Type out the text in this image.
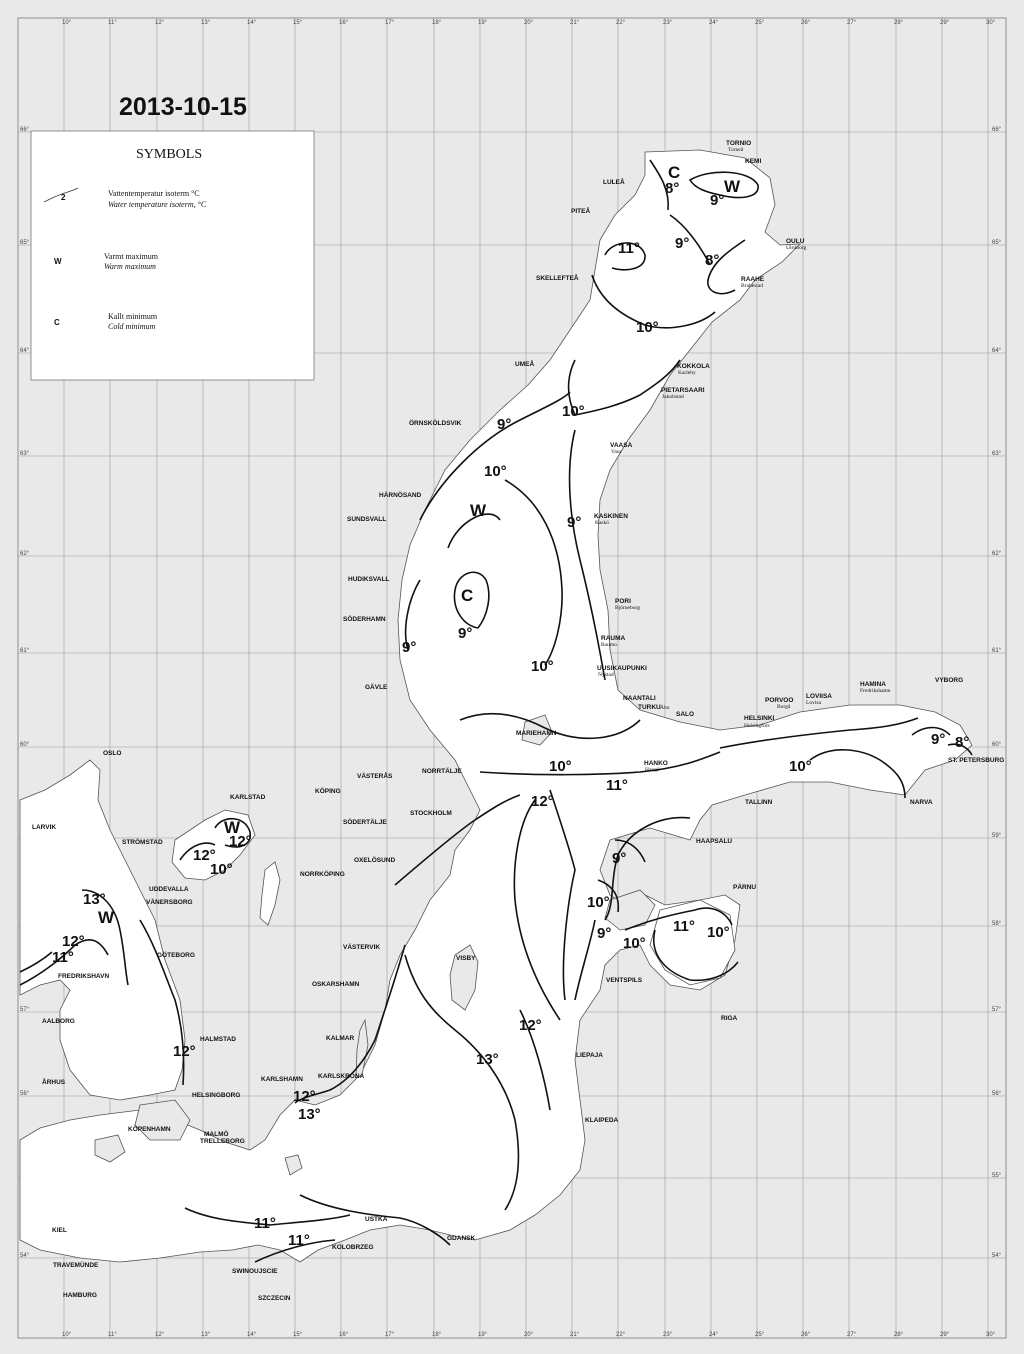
10°	11°	12°	13°	14°	15°	16°	17°	18°	19°	20°	21°	22°	23°	24°	25°	26°	27°	28°	29°	30°
10°	11°	12°	13°	14°	15°	16°	17°	18°	19°	20°	21°	22°	23°	24°	25°	26°	27°	28°	29°	30°
66°
65°
64°
63°
62°
61°
60°
57°
56°
54°
66°
65°
64°
63°
62°
61°
60°
59°
58°
57°
56°
55°
54°
8°
9°
9°
8°
11°
10°
10°
9°
10°
9°
9°
9°
10°
10°
11°
12°
10°
9° 8°
12°
12°
10°
13°
12°
11°
12°	13°
12°
13°
12°
11°
11°
10°
9°
9°
10°
11° 10°
C
W
W
C
W
W
LULEÅ
PITEÅ
SKELLEFTEÅ
UMEÅ
ÖRNSKÖLDSVIK
HÄRNÖSAND
SUNDSVALL
HUDIKSVALL
SÖDERHAMN
GÄVLE
NORRTÄLJE
VÄSTERÅS
KÖPING
STOCKHOLM
SÖDERTÄLJE
OXELÖSUND
NORRKÖPING
VÄSTERVIK
OSKARSHAMN
KALMAR
KARLSKRONA
KARLSHAMN
VISBY
HALMSTAD
HELSINGBORG
MALMÖ
TRELLEBORG
GÖTEBORG
UDDEVALLA
VÄNERSBORG
KARLSTAD
STRÖMSTAD
TORNIO
Torneå
KEMI
OULU
Uleåborg
RAAHE
Brahestad
KOKKOLA
Karleby
PIETARSAARI
Jakobstad
VAASA
Vasa
KASKINEN
Kaskö
PORI
Björneborg
RAUMA
Raumo
UUSIKAUPUNKI
Nystad
NAANTALI
TURKU Åbo
SALO
MARIEHAMN
HANKO
Hangö
HELSINKI
Helsingfors
PORVOO
Borgå
LOVIISA
Lovisa
HAMINA
Fredrikshamn
VYBORG
ST. PETERSBURG
NARVA
TALLINN
HAAPSALU
PÄRNU
VENTSPILS
RIGA
LIEPAJA
KLAIPEDA
GDANSK
USTKA
KOLOBRZEG
SWINOUJSCIE
SZCZECIN
TRAVEMÜNDE
HAMBURG
KIEL
KÖPENHAMN
ÅRHUS
AALBORG
FREDRIKSHAVN
LARVIK
OSLO
2013-10-15
SYMBOLS
2	Vattentemperatur isoterm °C
Water temperature isoterm, °C
W
Varmt maximum
Warm maximum
C
Kallt minimum
Cold minimum
